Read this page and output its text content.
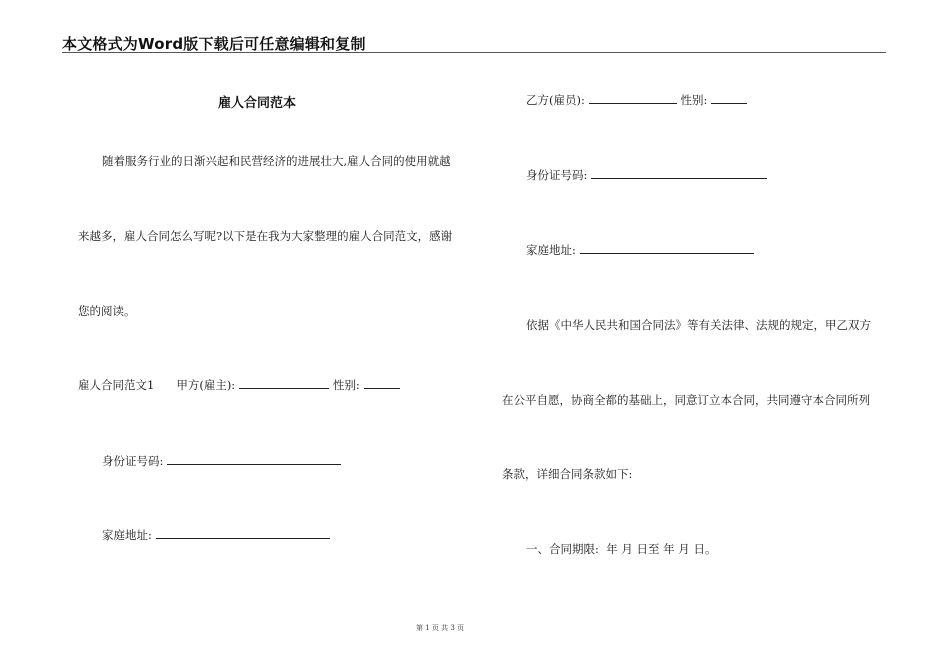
本文格式为Word版下载后可任意编辑和复制
雇人合同范本
随着服务行业的日渐兴起和民营经济的进展壮大,雇人合同的使用就越
来越多，雇人合同怎么写呢?以下是在我为大家整理的雇人合同范文，感谢
您的阅读。
雇人合同范文1 甲方(雇主):	性别:
身份证号码:
家庭地址:
乙方(雇员):	性别:
身份证号码:
家庭地址:
依据《中华人民共和国合同法》等有关法律、法规的规定，甲乙双方
在公平自愿，协商全都的基础上，同意订立本合同，共同遵守本合同所列
条款，详细合同条款如下:
一、合同期限:  年 月 日至 年 月 日。
第 1 页 共 3 页
